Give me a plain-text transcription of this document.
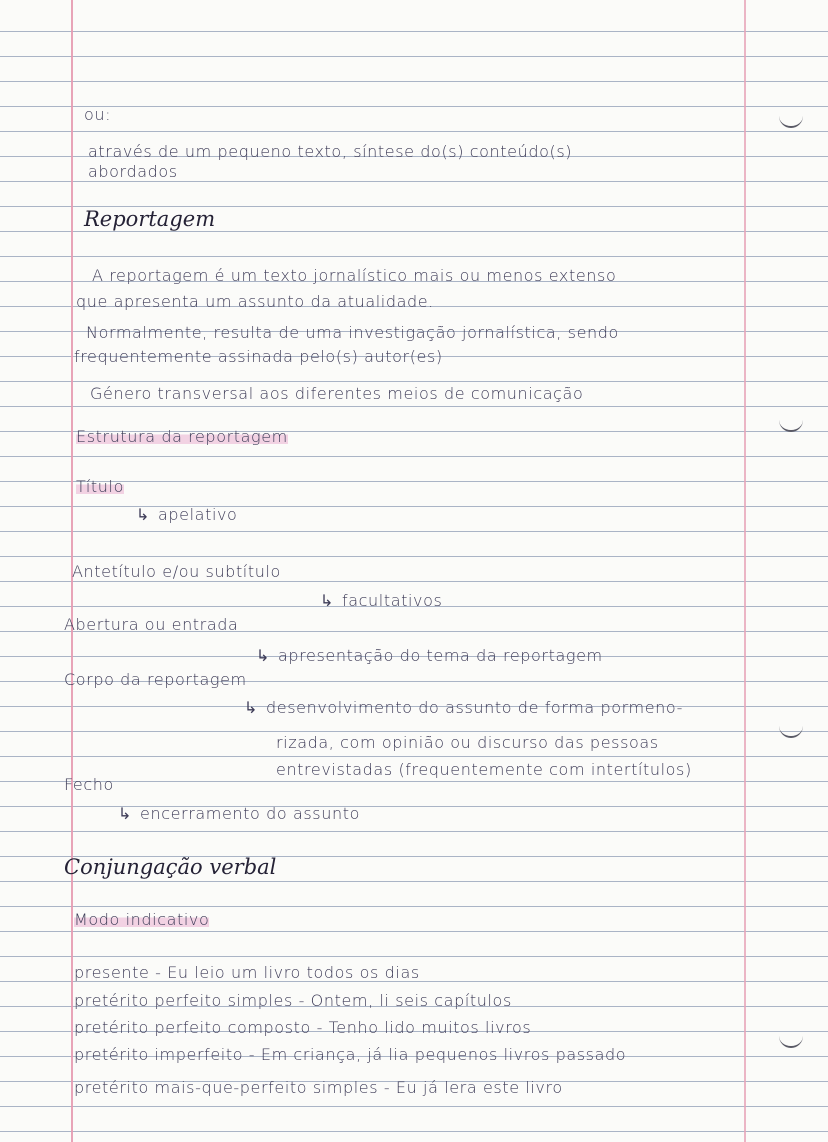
ou:
através de um pequeno texto, síntese do(s) conteúdo(s)
abordados
Reportagem
A reportagem é um texto jornalístico mais ou menos extenso
que apresenta um assunto da atualidade.
Normalmente, resulta de uma investigação jornalística, sendo
frequentemente assinada pelo(s) autor(es)
Género transversal aos diferentes meios de comunicação
Estrutura da reportagem
Título
↳ apelativo
Antetítulo e/ou subtítulo
↳ facultativos
Abertura ou entrada
↳ apresentação do tema da reportagem
Corpo da reportagem
↳ desenvolvimento do assunto de forma pormeno-
rizada, com opinião ou discurso das pessoas
entrevistadas (frequentemente com intertítulos)
Fecho
↳ encerramento do assunto
Conjungação verbal
Modo indicativo
presente - Eu leio um livro todos os dias
pretérito perfeito simples - Ontem, li seis capítulos
pretérito perfeito composto - Tenho lido muitos livros
pretérito imperfeito - Em criança, já lia pequenos livros passado
pretérito mais-que-perfeito simples - Eu já lera este livro
